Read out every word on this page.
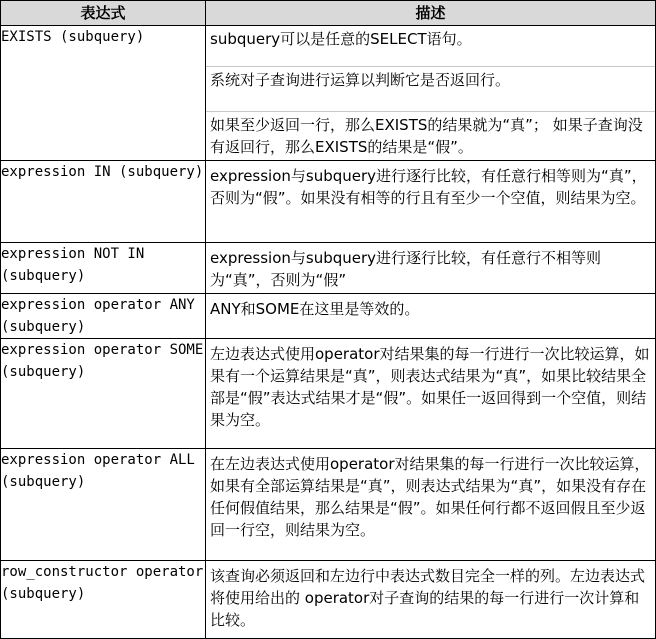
表达式	描述
EXISTS (subquery)	subquery可以是任意的SELECT语句。
系统对子查询进行运算以判断它是否返回行。
如果至少返回一行，那么EXISTS的结果就为“真”； 如果子查询没有返回行，那么EXISTS的结果是“假”。

expression IN (subquery)	expression与subquery进行逐行比较，有任意行相等则为“真”，否则为“假”。如果没有相等的行且有至少一个空值，则结果为空。

expression NOT IN (subquery)	expression与subquery进行逐行比较，有任意行不相等则为“真”，否则为“假”

expression operator ANY (subquery)	ANY和SOME在这里是等效的。

expression operator SOME (subquery)	左边表达式使用operator对结果集的每一行进行一次比较运算，如果有一个运算结果是“真”，则表达式结果为“真”，如果比较结果全部是“假”表达式结果才是“假”。如果任一返回得到一个空值，则结果为空。

expression operator ALL (subquery)	在左边表达式使用operator对结果集的每一行进行一次比较运算，如果有全部运算结果是“真”，则表达式结果为“真”，如果没有存在任何假值结果，那么结果是“假”。如果任何行都不返回假且至少返回一行空，则结果为空。

row_constructor operator (subquery)	该查询必须返回和左边行中表达式数目完全一样的列。左边表达式将使用给出的 operator对子查询的结果的每一行进行一次计算和比较。
